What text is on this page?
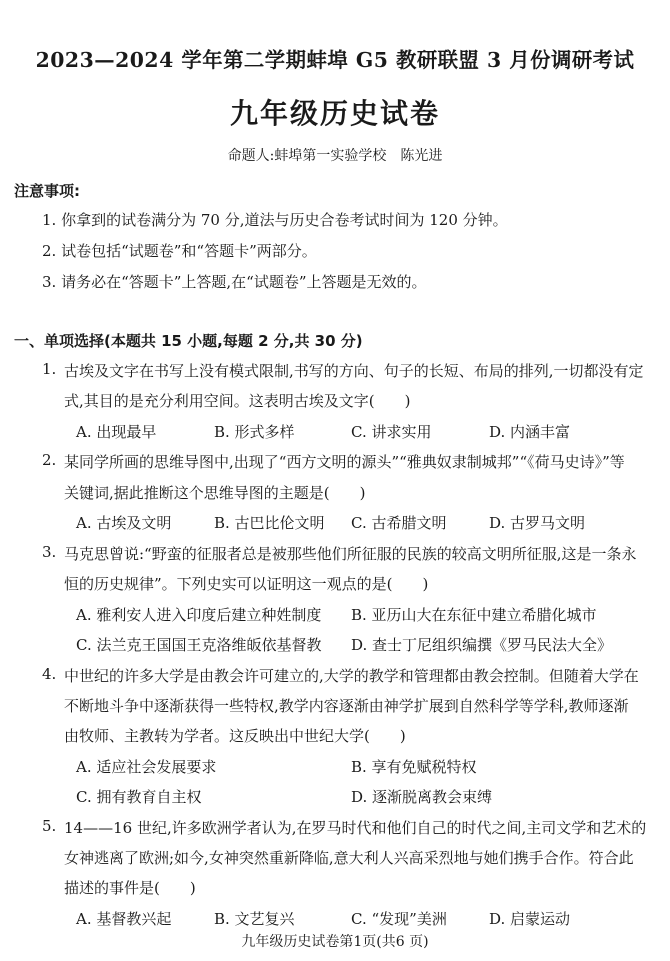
2023—2024 学年第二学期蚌埠 G5 教研联盟 3 月份调研考试
九年级历史试卷
命题人:蚌埠第一实验学校　陈光进
注意事项:
1. 你拿到的试卷满分为 70 分,道法与历史合卷考试时间为 120 分钟。
2. 试卷包括“试题卷”和“答题卡”两部分。
3. 请务必在“答题卡”上答题,在“试题卷”上答题是无效的。
一、单项选择(本题共 15 小题,每题 2 分,共 30 分)
1. 古埃及文字在书写上没有模式限制,书写的方向、句子的长短、布局的排列,一切都没有定
式,其目的是充分利用空间。这表明古埃及文字(　　)
A. 出现最早	B. 形式多样	C. 讲求实用	D. 内涵丰富
2. 某同学所画的思维导图中,出现了“西方文明的源头”“雅典奴隶制城邦”“《荷马史诗》”等
关键词,据此推断这个思维导图的主题是(　　)
A. 古埃及文明	B. 古巴比伦文明 C. 古希腊文明	D. 古罗马文明
3. 马克思曾说:“野蛮的征服者总是被那些他们所征服的民族的较高文明所征服,这是一条永
恒的历史规律”。下列史实可以证明这一观点的是(　　)
A. 雅利安人进入印度后建立种姓制度 B. 亚历山大在东征中建立希腊化城市
C. 法兰克王国国王克洛维皈依基督教 D. 查士丁尼组织编撰《罗马民法大全》
4. 中世纪的许多大学是由教会许可建立的,大学的教学和管理都由教会控制。但随着大学在
不断地斗争中逐渐获得一些特权,教学内容逐渐由神学扩展到自然科学等学科,教师逐渐
由牧师、主教转为学者。这反映出中世纪大学(　　)
A. 适应社会发展要求	B. 享有免赋税特权
C. 拥有教育自主权	D. 逐渐脱离教会束缚
5. 14——16 世纪,许多欧洲学者认为,在罗马时代和他们自己的时代之间,主司文学和艺术的
女神逃离了欧洲;如今,女神突然重新降临,意大利人兴高采烈地与她们携手合作。符合此
描述的事件是(　　)
A. 基督教兴起	B. 文艺复兴	C. “发现”美洲	D. 启蒙运动
九年级历史试卷第1页(共6 页)
